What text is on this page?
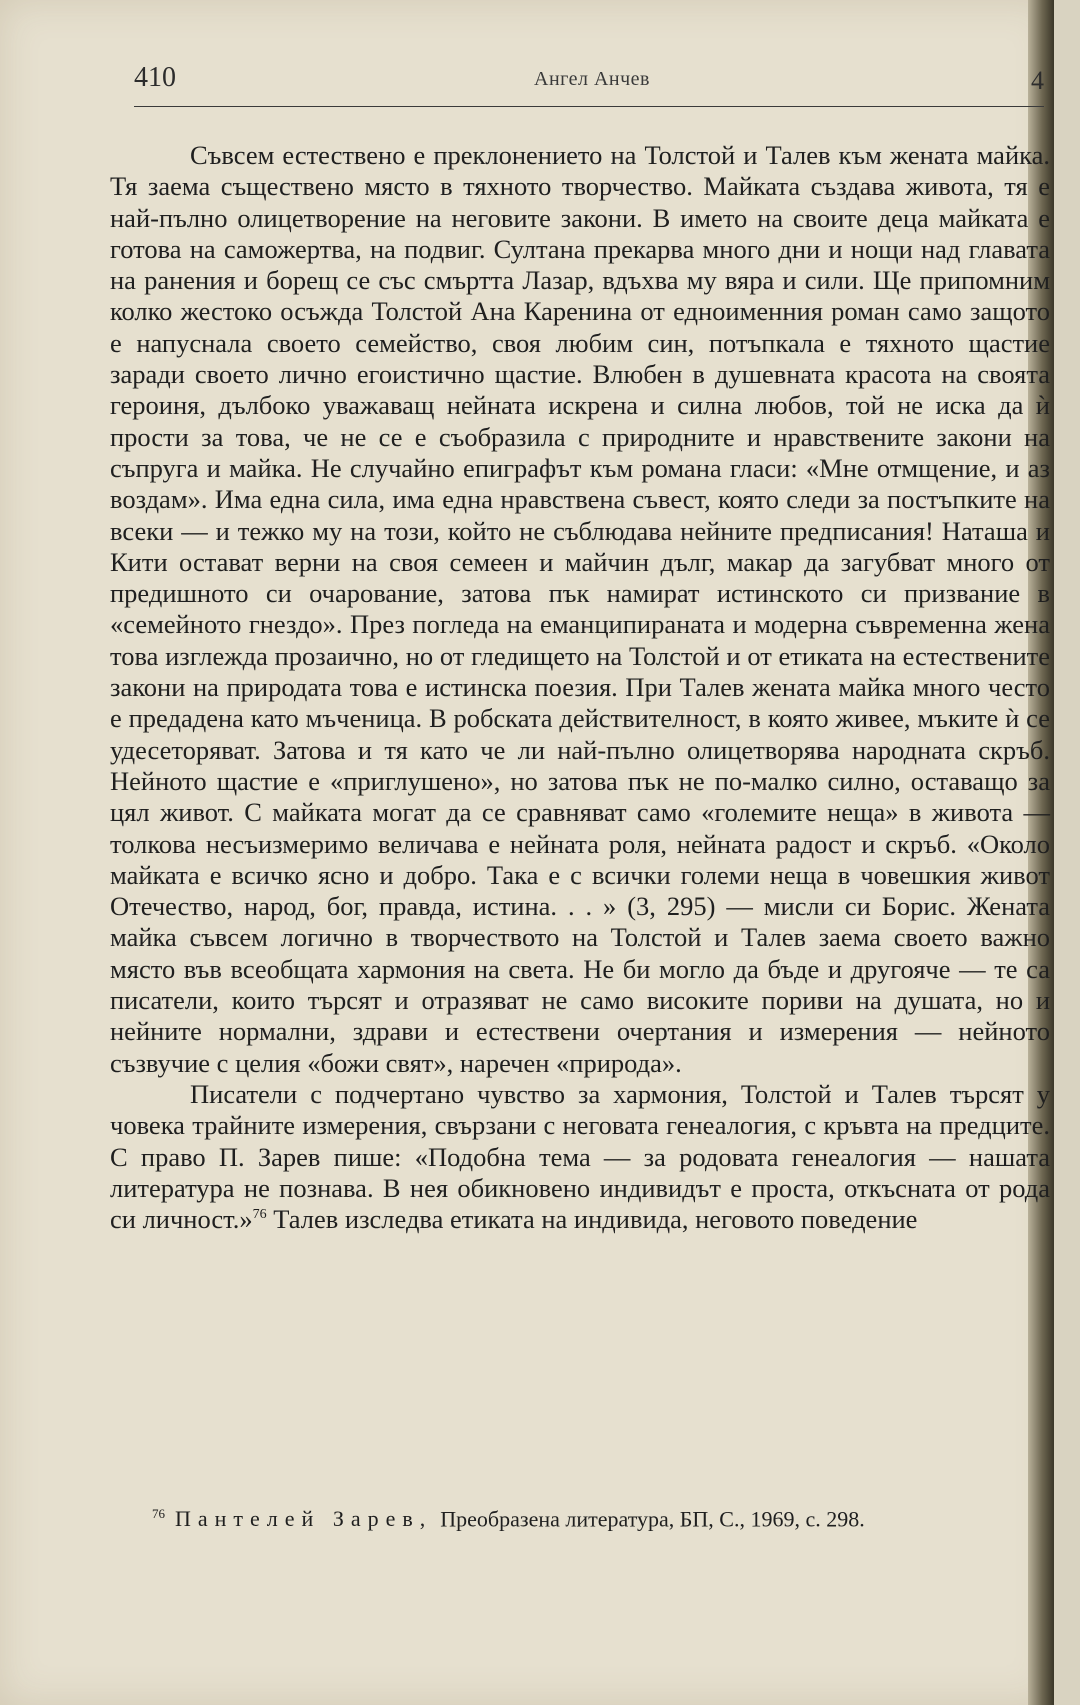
410	Ангел Анчев	4

Съвсем естествено е преклонението на Толстой и Талев към жената майка. Тя заема съществено място в тяхното творчество. Майката създава живота, тя е най-пълно олицетворение на неговите закони. В името на своите деца майката е готова на саможертва, на подвиг. Султана прекарва много дни и нощи над главата на ранения и борещ се със смъртта Лазар, вдъхва му вяра и сили. Ще припомним колко жестоко осъжда Толстой Ана Каренина от едноименния роман само защото е напуснала своето семейство, своя любим син, потъпкала е тяхното щастие заради своето лично егоистично щастие. Влюбен в душевната красота на своята героиня, дълбоко уважаващ нейната искрена и силна любов, той не иска да ѝ прости за това, че не се е съобразила с природните и нравствените закони на съпруга и майка. Не случайно епиграфът към романа гласи: «Мне отмщение, и аз воздам». Има една сила, има една нравствена съвест, която следи за постъпките на всеки — и тежко му на този, който не съблюдава нейните предписания! Наташа и Кити остават верни на своя семеен и майчин дълг, макар да загубват много от предишното си очарование, затова пък намират истинското си призвание в «семейното гнездо». През погледа на еманципираната и модерна съвременна жена това изглежда прозаично, но от гледището на Толстой и от етиката на естествените закони на природата това е истинска поезия. При Талев жената майка много често е предадена като мъченица. В робската действителност, в която живее, мъките ѝ се удесеторяват. Затова и тя като че ли най-пълно олицетворява народната скръб. Нейното щастие е «приглушено», но затова пък не по-малко силно, оставащо за цял живот. С майката могат да се сравняват само «големите неща» в живота — толкова несъизмеримо величава е нейната роля, нейната радост и скръб. «Около майката е всичко ясно и добро. Така е с всички големи неща в човешкия живот Отечество, народ, бог, правда, истина. . . » (3, 295) — мисли си Борис. Жената майка съвсем логично в творчеството на Толстой и Талев заема своето важно място във всеобщата хармония на света. Не би могло да бъде и другояче — те са писатели, които търсят и отразяват не само високите пориви на душата, но и нейните нормални, здрави и естествени очертания и измерения — нейното съзвучие с целия «божи свят», наречен «природа».

Писатели с подчертано чувство за хармония, Толстой и Талев търсят у човека трайните измерения, свързани с неговата генеалогия, с кръвта на предците. С право П. Зарев пише: «Подобна тема — за родовата генеалогия — нашата литература не познава. В нея обикновено индивидът е проста, откъсната от рода си личност.»$^{76}$ Талев изследва етиката на индивида, неговото поведение

$^{76}$ Пантелей Зарев, Преобразена литература, БП, С., 1969, с. 298.
